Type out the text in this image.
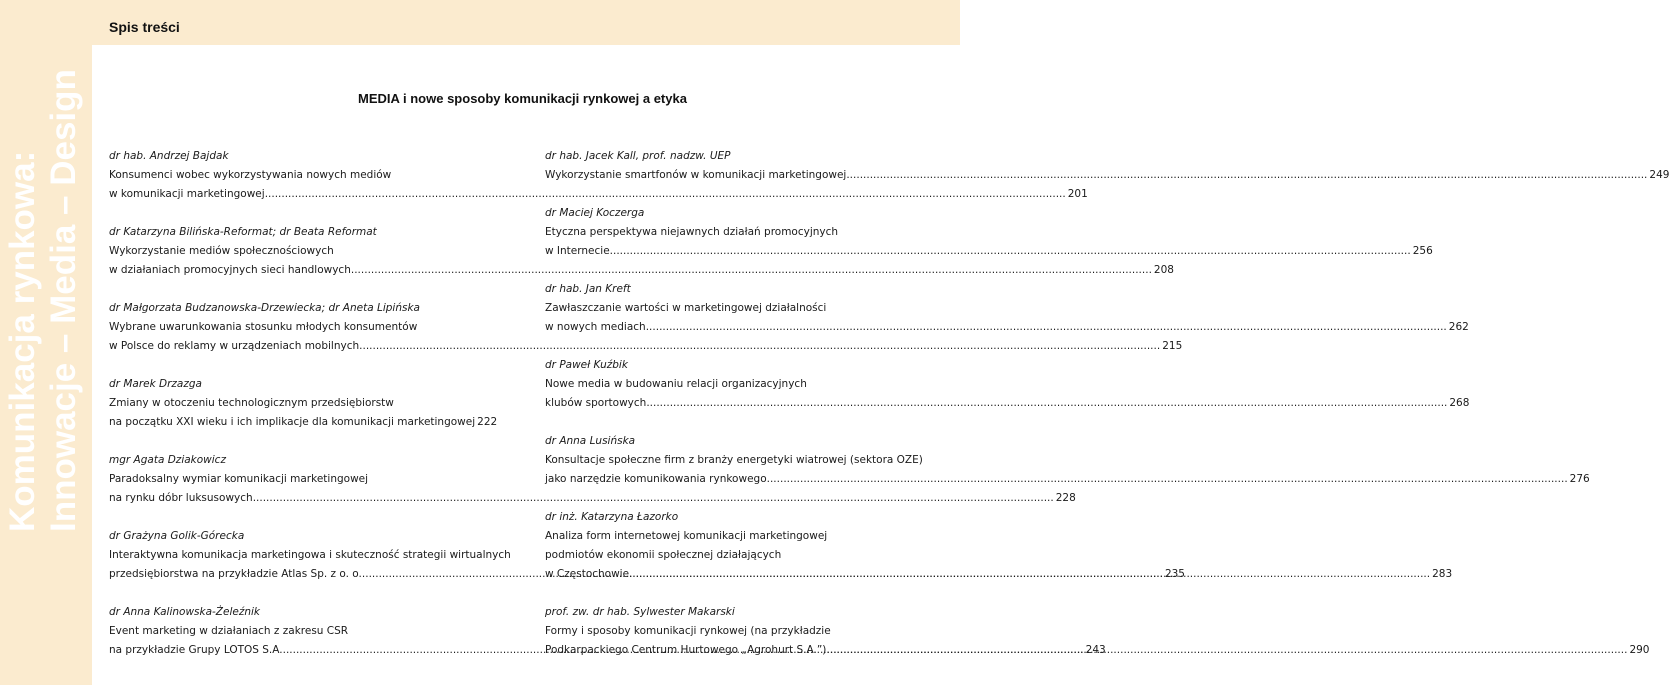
Komunikacja rynkowa: Innowacje – Media – Design
Spis treści
MEDIA i nowe sposoby komunikacji rynkowej a etyka
dr hab. Andrzej Bajdak
Konsumenci wobec wykorzystywania nowych mediów
w komunikacji marketingowej .....	201
dr Katarzyna Bilińska-Reformat; dr Beata Reformat
Wykorzystanie mediów społecznościowych
w działaniach promocyjnych sieci handlowych .....	208
dr Małgorzata Budzanowska-Drzewiecka; dr Aneta Lipińska
Wybrane uwarunkowania stosunku młodych konsumentów
w Polsce do reklamy w urządzeniach mobilnych .....	215
dr Marek Drzazga
Zmiany w otoczeniu technologicznym przedsiębiorstw
na początku XXI wieku i ich implikacje dla komunikacji marketingowej 222
mgr Agata Dziakowicz
Paradoksalny wymiar komunikacji marketingowej
na rynku dóbr luksusowych .....	228
dr Grażyna Golik-Górecka
Interaktywna komunikacja marketingowa i skuteczność strategii wirtualnych
przedsiębiorstwa na przykładzie Atlas Sp. z o. o. .....	235
dr Anna Kalinowska-Żeleźnik
Event marketing w działaniach z zakresu CSR
na przykładzie Grupy LOTOS S.A. .....	243
dr hab. Jacek Kall, prof. nadzw. UEP
Wykorzystanie smartfonów w komunikacji marketingowej .....	249
dr Maciej Koczerga
Etyczna perspektywa niejawnych działań promocyjnych
w Internecie .....	256
dr hab. Jan Kreft
Zawłaszczanie wartości w marketingowej działalności
w nowych mediach .....	262
dr Paweł Kuźbik
Nowe media w budowaniu relacji organizacyjnych
klubów sportowych .....	268
dr Anna Lusińska
Konsultacje społeczne firm z branży energetyki wiatrowej (sektora OZE)
jako narzędzie komunikowania rynkowego .....	276
dr inż. Katarzyna Łazorko
Analiza form internetowej komunikacji marketingowej
podmiotów ekonomii społecznej działających
w Częstochowie .....	283
prof. zw. dr hab. Sylwester Makarski
Formy i sposoby komunikacji rynkowej (na przykładzie
Podkarpackiego Centrum Hurtowego „Agrohurt S.A.”) .....	290
